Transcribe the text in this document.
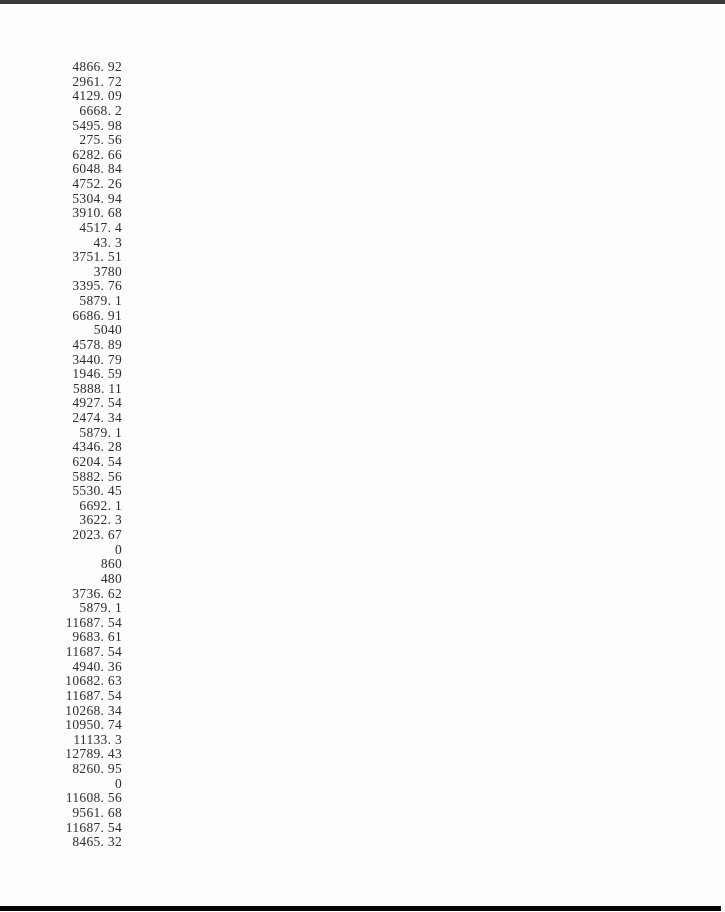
4866. 92
2961. 72
4129. 09
6668. 2
5495. 98
275. 56
6282. 66
6048. 84
4752. 26
5304. 94
3910. 68
4517. 4
43. 3
3751. 51
3780
3395. 76
5879. 1
6686. 91
5040
4578. 89
3440. 79
1946. 59
5888. 11
4927. 54
2474. 34
5879. 1
4346. 28
6204. 54
5882. 56
5530. 45
6692. 1
3622. 3
2023. 67
0
860
480
3736. 62
5879. 1
11687. 54
9683. 61
11687. 54
4940. 36
10682. 63
11687. 54
10268. 34
10950. 74
11133. 3
12789. 43
8260. 95
0
11608. 56
9561. 68
11687. 54
8465. 32
